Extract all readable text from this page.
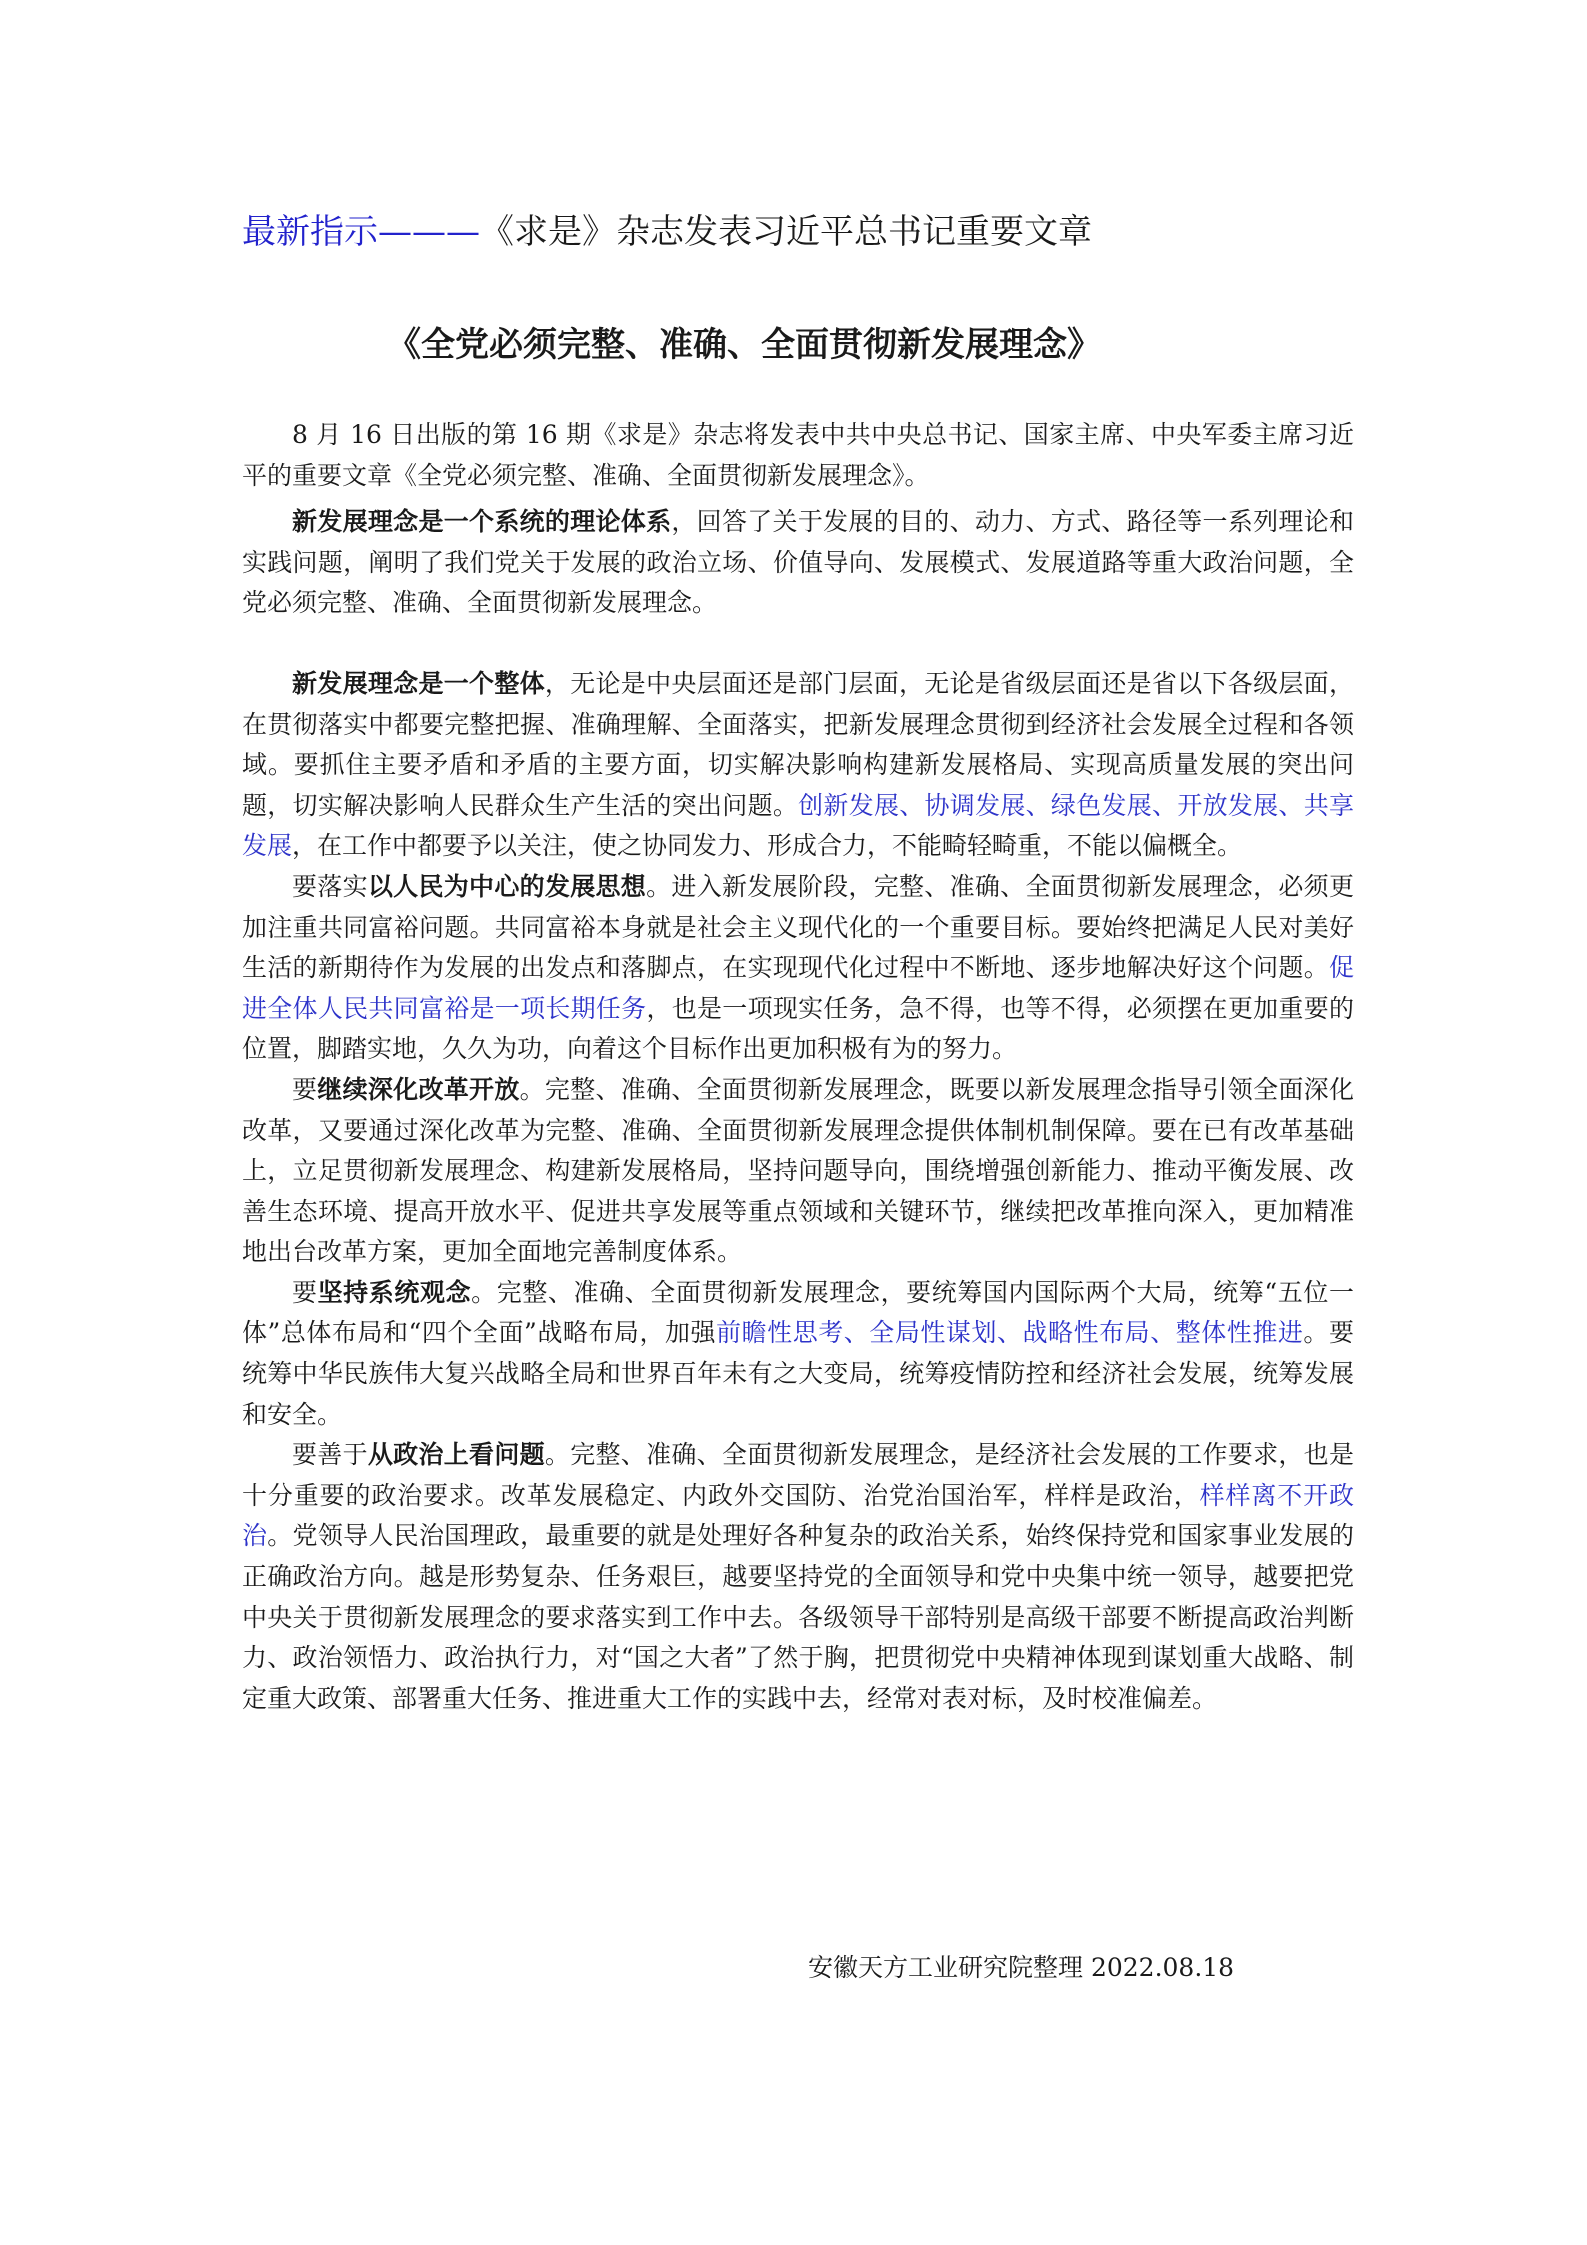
最新指示———《求是》杂志发表习近平总书记重要文章
《全党必须完整、准确、全面贯彻新发展理念》

8 月 16 日出版的第 16 期《求是》杂志将发表中共中央总书记、国家主席、中央军委主席习近平的重要文章《全党必须完整、准确、全面贯彻新发展理念》。

新发展理念是一个系统的理论体系，回答了关于发展的目的、动力、方式、路径等一系列理论和实践问题，阐明了我们党关于发展的政治立场、价值导向、发展模式、发展道路等重大政治问题，全党必须完整、准确、全面贯彻新发展理念。

新发展理念是一个整体，无论是中央层面还是部门层面，无论是省级层面还是省以下各级层面，在贯彻落实中都要完整把握、准确理解、全面落实，把新发展理念贯彻到经济社会发展全过程和各领域。要抓住主要矛盾和矛盾的主要方面，切实解决影响构建新发展格局、实现高质量发展的突出问题，切实解决影响人民群众生产生活的突出问题。创新发展、协调发展、绿色发展、开放发展、共享发展，在工作中都要予以关注，使之协同发力、形成合力，不能畸轻畸重，不能以偏概全。

要落实以人民为中心的发展思想。进入新发展阶段，完整、准确、全面贯彻新发展理念，必须更加注重共同富裕问题。共同富裕本身就是社会主义现代化的一个重要目标。要始终把满足人民对美好生活的新期待作为发展的出发点和落脚点，在实现现代化过程中不断地、逐步地解决好这个问题。促进全体人民共同富裕是一项长期任务，也是一项现实任务，急不得，也等不得，必须摆在更加重要的位置，脚踏实地，久久为功，向着这个目标作出更加积极有为的努力。

要继续深化改革开放。完整、准确、全面贯彻新发展理念，既要以新发展理念指导引领全面深化改革，又要通过深化改革为完整、准确、全面贯彻新发展理念提供体制机制保障。要在已有改革基础上，立足贯彻新发展理念、构建新发展格局，坚持问题导向，围绕增强创新能力、推动平衡发展、改善生态环境、提高开放水平、促进共享发展等重点领域和关键环节，继续把改革推向深入，更加精准地出台改革方案，更加全面地完善制度体系。

要坚持系统观念。完整、准确、全面贯彻新发展理念，要统筹国内国际两个大局，统筹“五位一体”总体布局和“四个全面”战略布局，加强前瞻性思考、全局性谋划、战略性布局、整体性推进。要统筹中华民族伟大复兴战略全局和世界百年未有之大变局，统筹疫情防控和经济社会发展，统筹发展和安全。

要善于从政治上看问题。完整、准确、全面贯彻新发展理念，是经济社会发展的工作要求，也是十分重要的政治要求。改革发展稳定、内政外交国防、治党治国治军，样样是政治，样样离不开政治。党领导人民治国理政，最重要的就是处理好各种复杂的政治关系，始终保持党和国家事业发展的正确政治方向。越是形势复杂、任务艰巨，越要坚持党的全面领导和党中央集中统一领导，越要把党中央关于贯彻新发展理念的要求落实到工作中去。各级领导干部特别是高级干部要不断提高政治判断力、政治领悟力、政治执行力，对“国之大者”了然于胸，把贯彻党中央精神体现到谋划重大战略、制定重大政策、部署重大任务、推进重大工作的实践中去，经常对表对标，及时校准偏差。

安徽天方工业研究院整理 2022.08.18
